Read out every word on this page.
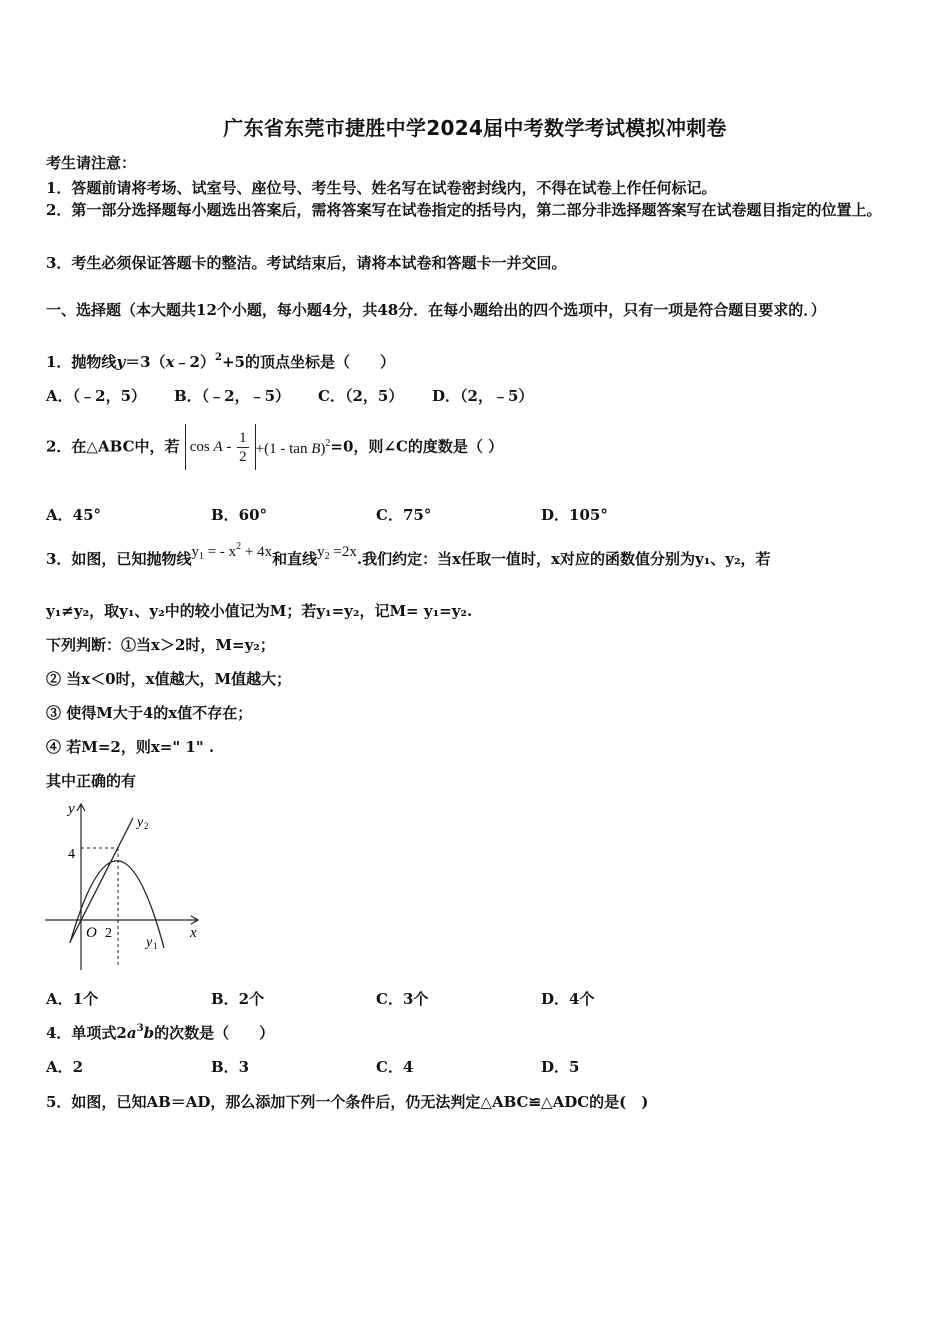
广东省东莞市捷胜中学2024届中考数学考试模拟冲刺卷
考生请注意：
1．答题前请将考场、试室号、座位号、考生号、姓名写在试卷密封线内，不得在试卷上作任何标记。
2．第一部分选择题每小题选出答案后，需将答案写在试卷指定的括号内，第二部分非选择题答案写在试卷题目指定的位置上。
3．考生必须保证答题卡的整洁。考试结束后，请将本试卷和答题卡一并交回。
一、选择题（本大题共12个小题，每小题4分，共48分．在每小题给出的四个选项中，只有一项是符合题目要求的．）
1．抛物线y＝3（x﹣2）$^2$+5的顶点坐标是（　　）
A．（﹣2，5） B．（﹣2，﹣5） C．（2，5） D．（2，﹣5）
2．在△ABC中，若 $\cos A - \frac{1}{2} +(1 - \tan B)^2=0$，则∠C的度数是（ ）
A．45°	B．60°	C．75°	D．105°
3．如图，已知抛物线$y_1$ = - $x^2 + 4x$和直线$y_2 =2x$.我们约定：当x任取一值时，x对应的函数值分别为y₁、y₂，若
y₁≠y₂，取y₁、y₂中的较小值记为M；若y₁=y₂，记M= y₁=y₂.
下列判断：①当x＞2时，M=y₂；
② 当x＜0时，x值越大，M值越大；
③ 使得M大于4的x值不存在；
④ 若M=2，则x=" 1" .
其中正确的有
y
x
O 2
4
y 2
y 1
A．1个	B．2个	C．3个	D．4个
4．单项式$2a^3b$的次数是（　　）
A．2	B．3	C．4	D．5
5．如图，已知AB＝AD，那么添加下列一个条件后，仍无法判定△ABC≌△ADC的是(　)
